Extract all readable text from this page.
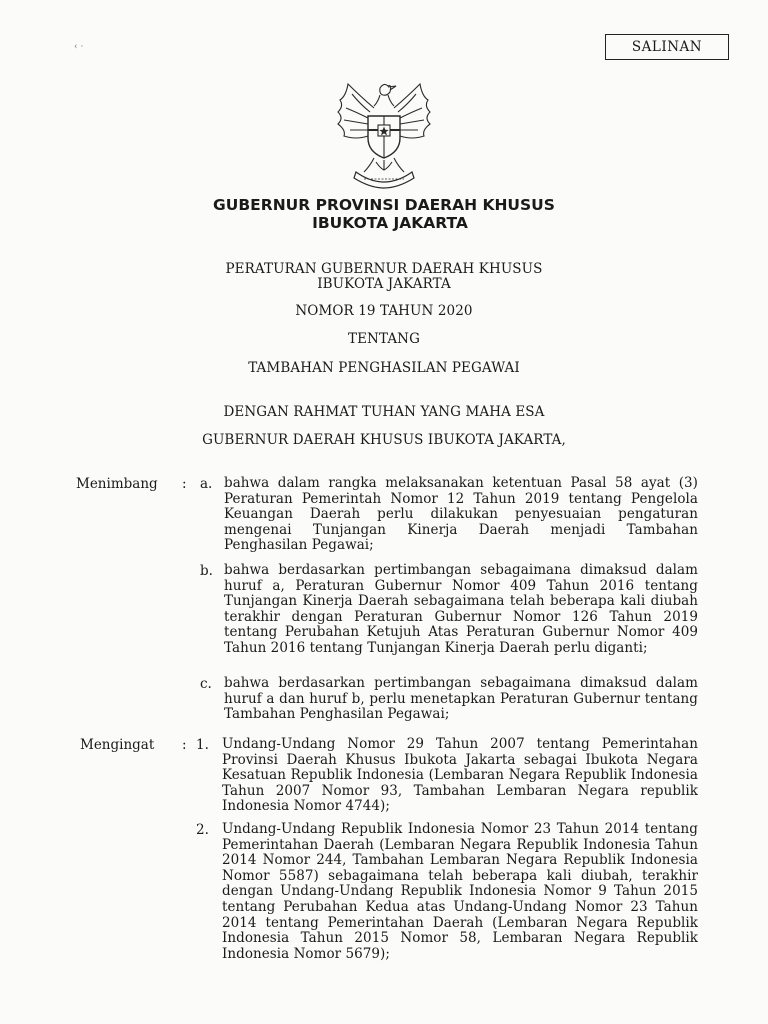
‹ ·	SALINAN
GUBERNUR PROVINSI DAERAH KHUSUS
IBUKOTA JAKARTA
PERATURAN GUBERNUR DAERAH KHUSUS
IBUKOTA JAKARTA
NOMOR 19 TAHUN 2020
TENTANG
TAMBAHAN PENGHASILAN PEGAWAI
DENGAN RAHMAT TUHAN YANG MAHA ESA
GUBERNUR DAERAH KHUSUS IBUKOTA JAKARTA,
Menimbang : a. bahwa dalam rangka melaksanakan ketentuan Pasal 58 ayat (3) Peraturan Pemerintah Nomor 12 Tahun 2019 tentang Pengelola Keuangan Daerah perlu dilakukan penyesuaian pengaturan mengenai Tunjangan Kinerja Daerah menjadi Tambahan Penghasilan Pegawai;
b. bahwa berdasarkan pertimbangan sebagaimana dimaksud dalam huruf a, Peraturan Gubernur Nomor 409 Tahun 2016 tentang Tunjangan Kinerja Daerah sebagaimana telah beberapa kali diubah terakhir dengan Peraturan Gubernur Nomor 126 Tahun 2019 tentang Perubahan Ketujuh Atas Peraturan Gubernur Nomor 409 Tahun 2016 tentang Tunjangan Kinerja Daerah perlu diganti;
c. bahwa berdasarkan pertimbangan sebagaimana dimaksud dalam huruf a dan huruf b, perlu menetapkan Peraturan Gubernur tentang Tambahan Penghasilan Pegawai;
Mengingat : 1. Undang-Undang Nomor 29 Tahun 2007 tentang Pemerintahan Provinsi Daerah Khusus Ibukota Jakarta sebagai Ibukota Negara Kesatuan Republik Indonesia (Lembaran Negara Republik Indonesia Tahun 2007 Nomor 93, Tambahan Lembaran Negara republik Indonesia Nomor 4744);
2. Undang-Undang Republik Indonesia Nomor 23 Tahun 2014 tentang Pemerintahan Daerah (Lembaran Negara Republik Indonesia Tahun 2014 Nomor 244, Tambahan Lembaran Negara Republik Indonesia Nomor 5587) sebagaimana telah beberapa kali diubah, terakhir dengan Undang-Undang Republik Indonesia Nomor 9 Tahun 2015 tentang Perubahan Kedua atas Undang-Undang Nomor 23 Tahun 2014 tentang Pemerintahan Daerah (Lembaran Negara Republik Indonesia Tahun 2015 Nomor 58, Lembaran Negara Republik Indonesia Nomor 5679);
